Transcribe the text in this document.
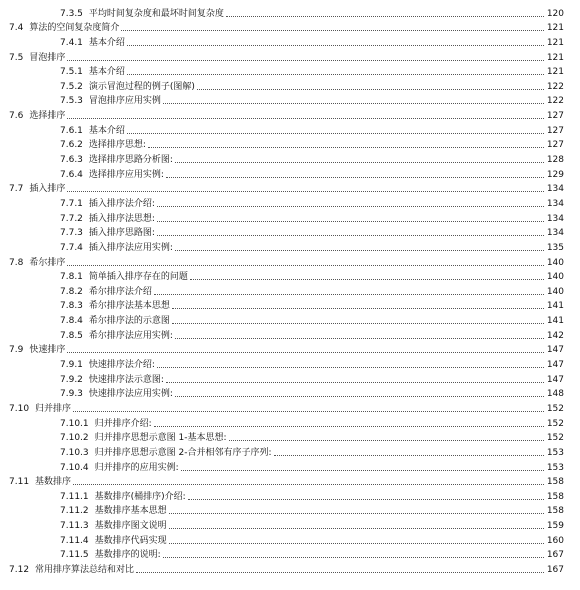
7.3.5 平均时间复杂度和最坏时间复杂度	120
7.4 算法的空间复杂度简介	121
7.4.1 基本介绍	121
7.5 冒泡排序	121
7.5.1 基本介绍	121
7.5.2 演示冒泡过程的例子(图解)	122
7.5.3 冒泡排序应用实例	122
7.6 选择排序	127
7.6.1 基本介绍	127
7.6.2 选择排序思想:	127
7.6.3 选择排序思路分析图:	128
7.6.4 选择排序应用实例:	129
7.7 插入排序	134
7.7.1 插入排序法介绍:	134
7.7.2 插入排序法思想:	134
7.7.3 插入排序思路图:	134
7.7.4 插入排序法应用实例:	135
7.8 希尔排序	140
7.8.1 简单插入排序存在的问题	140
7.8.2 希尔排序法介绍	140
7.8.3 希尔排序法基本思想	141
7.8.4 希尔排序法的示意图	141
7.8.5 希尔排序法应用实例:	142
7.9 快速排序	147
7.9.1 快速排序法介绍:	147
7.9.2 快速排序法示意图:	147
7.9.3 快速排序法应用实例:	148
7.10 归并排序	152
7.10.1 归并排序介绍:	152
7.10.2 归并排序思想示意图 1-基本思想:	152
7.10.3 归并排序思想示意图 2-合并相邻有序子序列:	153
7.10.4 归并排序的应用实例:	153
7.11 基数排序	158
7.11.1 基数排序(桶排序)介绍:	158
7.11.2 基数排序基本思想	158
7.11.3 基数排序图文说明	159
7.11.4 基数排序代码实现	160
7.11.5 基数排序的说明:	167
7.12 常用排序算法总结和对比	167
